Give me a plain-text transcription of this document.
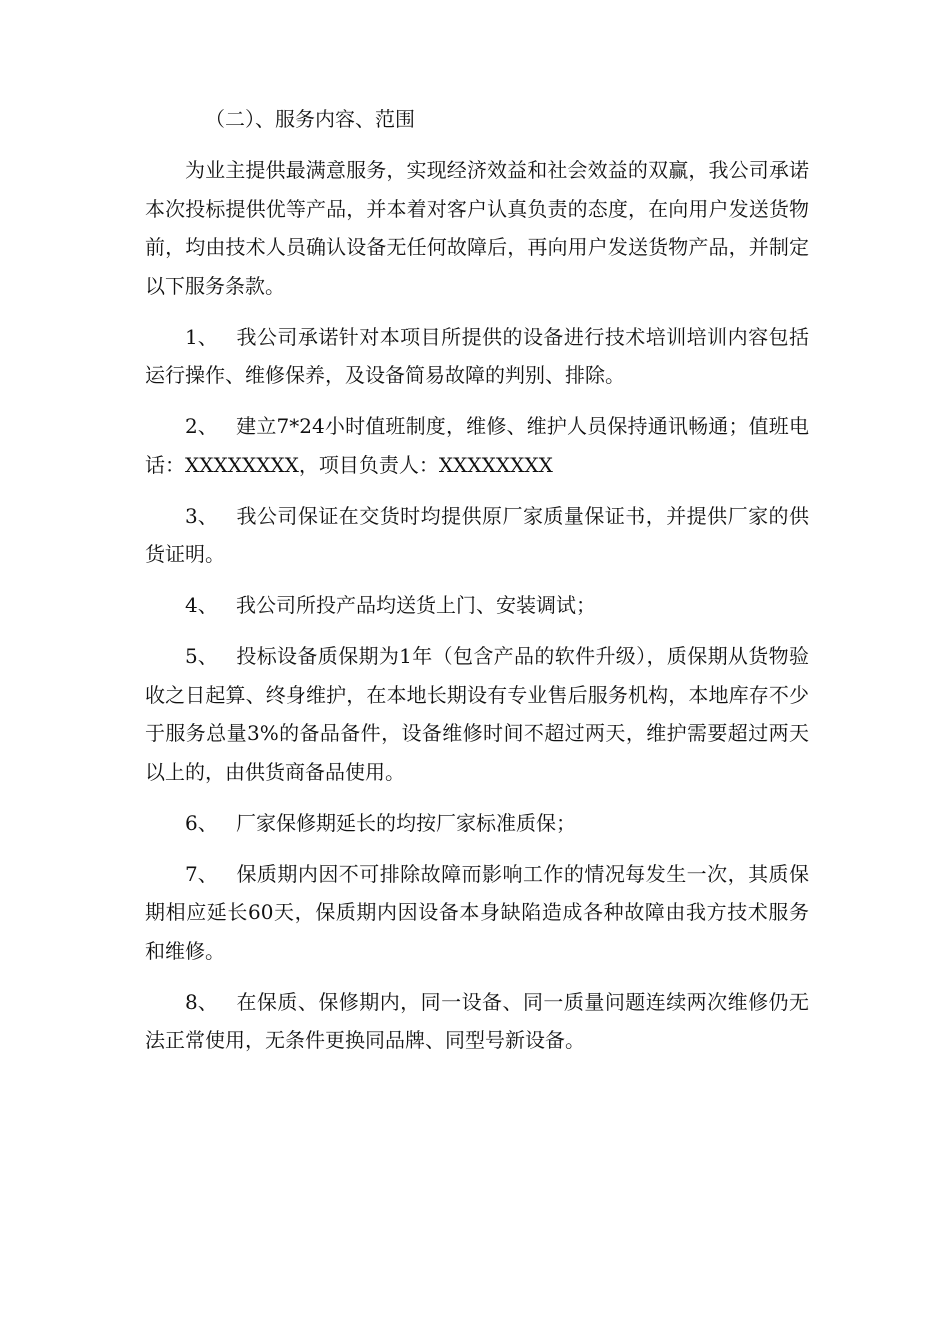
（二）、服务内容、范围

为业主提供最满意服务，实现经济效益和社会效益的双赢，我公司承诺本次投标提供优等产品，并本着对客户认真负责的态度，在向用户发送货物前，均由技术人员确认设备无任何故障后，再向用户发送货物产品，并制定以下服务条款。

1、 我公司承诺针对本项目所提供的设备进行技术培训培训内容包括运行操作、维修保养，及设备简易故障的判别、排除。

2、 建立7*24小时值班制度，维修、维护人员保持通讯畅通；值班电话：XXXXXXXX，项目负责人：XXXXXXXX

3、 我公司保证在交货时均提供原厂家质量保证书，并提供厂家的供货证明。

4、 我公司所投产品均送货上门、安装调试；

5、 投标设备质保期为1年（包含产品的软件升级），质保期从货物验收之日起算、终身维护，在本地长期设有专业售后服务机构，本地库存不少于服务总量3%的备品备件，设备维修时间不超过两天，维护需要超过两天以上的，由供货商备品使用。

6、 厂家保修期延长的均按厂家标准质保；

7、 保质期内因不可排除故障而影响工作的情况每发生一次，其质保期相应延长60天，保质期内因设备本身缺陷造成各种故障由我方技术服务和维修。

8、 在保质、保修期内，同一设备、同一质量问题连续两次维修仍无法正常使用，无条件更换同品牌、同型号新设备。
